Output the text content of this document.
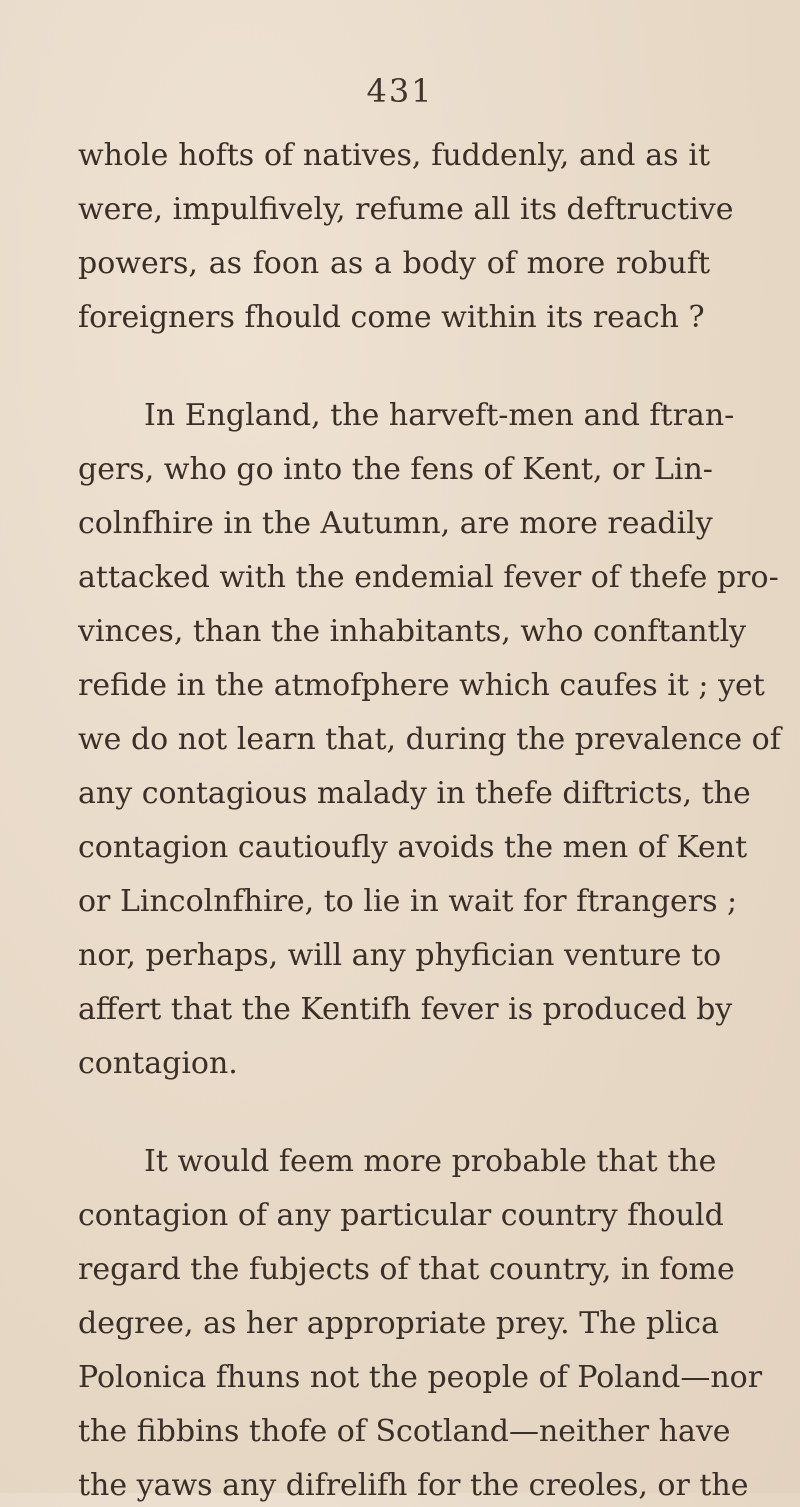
431
whole hofts of natives, fuddenly, and as it
were, impulfively, refume all its deftructive
powers, as foon as a body of more robuft
foreigners fhould come within its reach ?
In England, the harveft-men and ftran-
gers, who go into the fens of Kent, or Lin-
colnfhire in the Autumn, are more readily
attacked with the endemial fever of thefe pro-
vinces, than the inhabitants, who conftantly
refide in the atmofphere which caufes it ; yet
we do not learn that, during the prevalence of
any contagious malady in thefe diftricts, the
contagion cautioufly avoids the men of Kent
or Lincolnfhire, to lie in wait for ftrangers ;
nor, perhaps, will any phyfician venture to
affert that the Kentifh fever is produced by
contagion.
It would feem more probable that the
contagion of any particular country fhould
regard the fubjects of that country, in fome
degree, as her appropriate prey. The plica
Polonica fhuns not the people of Poland—nor
the fibbins thofe of Scotland—neither have
the yaws any difrelifh for the creoles, or the
